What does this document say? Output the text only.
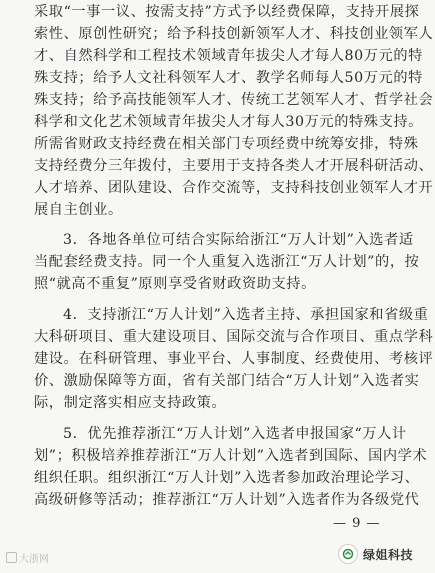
采取“一事一议、按需支持”方式予以经费保障，支持开展探
索性、原创性研究；给予科技创新领军人才、科技创业领军人
才、自然科学和工程技术领域青年拔尖人才每人80万元的特
殊支持；给予人文社科领军人才、教学名师每人50万元的特
殊支持；给予高技能领军人才、传统工艺领军人才、哲学社会
科学和文化艺术领域青年拔尖人才每人30万元的特殊支持。
所需省财政支持经费在相关部门专项经费中统筹安排，特殊
支持经费分三年拨付，主要用于支持各类人才开展科研活动、
人才培养、团队建设、合作交流等，支持科技创业领军人才开
展自主创业。
3．各地各单位可结合实际给浙江“万人计划”入选者适
当配套经费支持。同一个人重复入选浙江“万人计划”的，按
照“就高不重复”原则享受省财政资助支持。
4．支持浙江“万人计划”入选者主持、承担国家和省级重
大科研项目、重大建设项目、国际交流与合作项目、重点学科
建设。在科研管理、事业平台、人事制度、经费使用、考核评
价、激励保障等方面，省有关部门结合“万人计划”入选者实
际，制定落实相应支持政策。
5．优先推荐浙江“万人计划”入选者申报国家“万人计
划”；积极培养推荐浙江“万人计划”入选者到国际、国内学术
组织任职。组织浙江“万人计划”入选者参加政治理论学习、
高级研修等活动；推荐浙江“万人计划”入选者作为各级党代
— 9 —
大浙网	绿姐科技
